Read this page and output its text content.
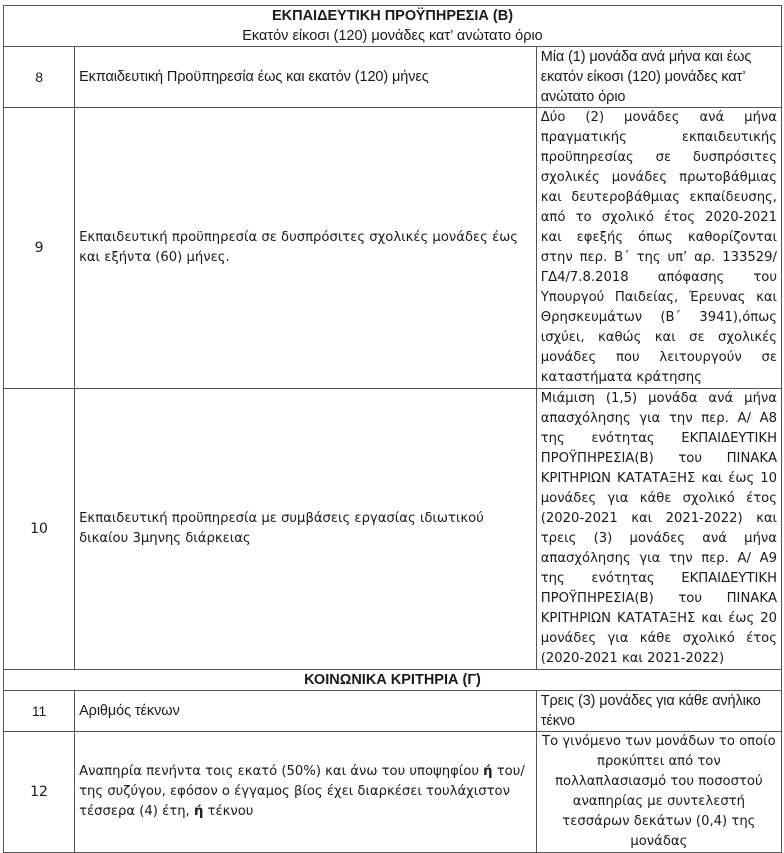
ΕΚΠΑΙΔΕΥΤΙΚΗ ΠΡΟΫΠΗΡΕΣΙΑ (Β)
Εκατόν είκοσι (120) μονάδες κατ’ ανώτατο όριο		

8	Εκπαιδευτική Προϋπηρεσία έως και εκατόν (120) μήνες	Μία (1) μονάδα ανά μήνα και έως εκατόν είκοσι (120) μονάδες κατ’ ανώτατο όριο
9	Εκπαιδευτική προϋπηρεσία σε δυσπρόσιτες σχολικές μονάδες έως και εξήντα (60) μήνες.	Δύο (2) μονάδες ανά μήνα πραγματικής εκπαιδευτικής προϋπηρεσίας σε δυσπρόσιτες σχολικές μονάδες πρωτοβάθμιας και δευτεροβάθμιας εκπαίδευσης, από το σχολικό έτος 2020-2021 και εφεξής όπως καθορίζονται στην περ. Β΄ της υπ’ αρ. 133529/ ΓΔ4/7.8.2018 απόφασης του Υπουργού Παιδείας, Έρευνας και Θρησκευμάτων (Β΄ 3941),όπως ισχύει, καθώς και σε σχολικές μονάδες που λειτουργούν σε καταστήματα κράτησης
10	Εκπαιδευτική προϋπηρεσία με συμβάσεις εργασίας ιδιωτικού δικαίου 3μηνης διάρκειας	Μιάμιση (1,5) μονάδα ανά μήνα απασχόλησης για την περ. Α/ Α8 της ενότητας ΕΚΠΑΙΔΕΥΤΙΚΗ ΠΡΟΫΠΗΡΕΣΙΑ(Β) του ΠΙΝΑΚΑ ΚΡΙΤΗΡΙΩΝ ΚΑΤΑΤΑΞΗΣ και έως 10 μονάδες για κάθε σχολικό έτος (2020-2021 και 2021-2022) και τρεις (3) μονάδες ανά μήνα απασχόλησης για την περ. Α/ Α9 της ενότητας ΕΚΠΑΙΔΕΥΤΙΚΗ ΠΡΟΫΠΗΡΕΣΙΑ(Β) του ΠΙΝΑΚΑ ΚΡΙΤΗΡΙΩΝ ΚΑΤΑΤΑΞΗΣ και έως 20 μονάδες για κάθε σχολικό έτος (2020-2021 και 2021-2022)

ΚΟΙΝΩΝΙΚΑ ΚΡΙΤΗΡΙΑ (Γ)		

11	Αριθμός τέκνων	Τρεις (3) μονάδες για κάθε ανήλικο τέκνο
12	Αναπηρία πενήντα τοις εκατό (50%) και άνω του υποψηφίου ή του/ της συζύγου, εφόσον ο έγγαμος βίος έχει διαρκέσει τουλάχιστον τέσσερα (4) έτη, ή τέκνου	Το γινόμενο των μονάδων το οποίο προκύπτει από τον πολλαπλασιασμό του ποσοστού αναπηρίας με συντελεστή τεσσάρων δεκάτων (0,4) της μονάδας
